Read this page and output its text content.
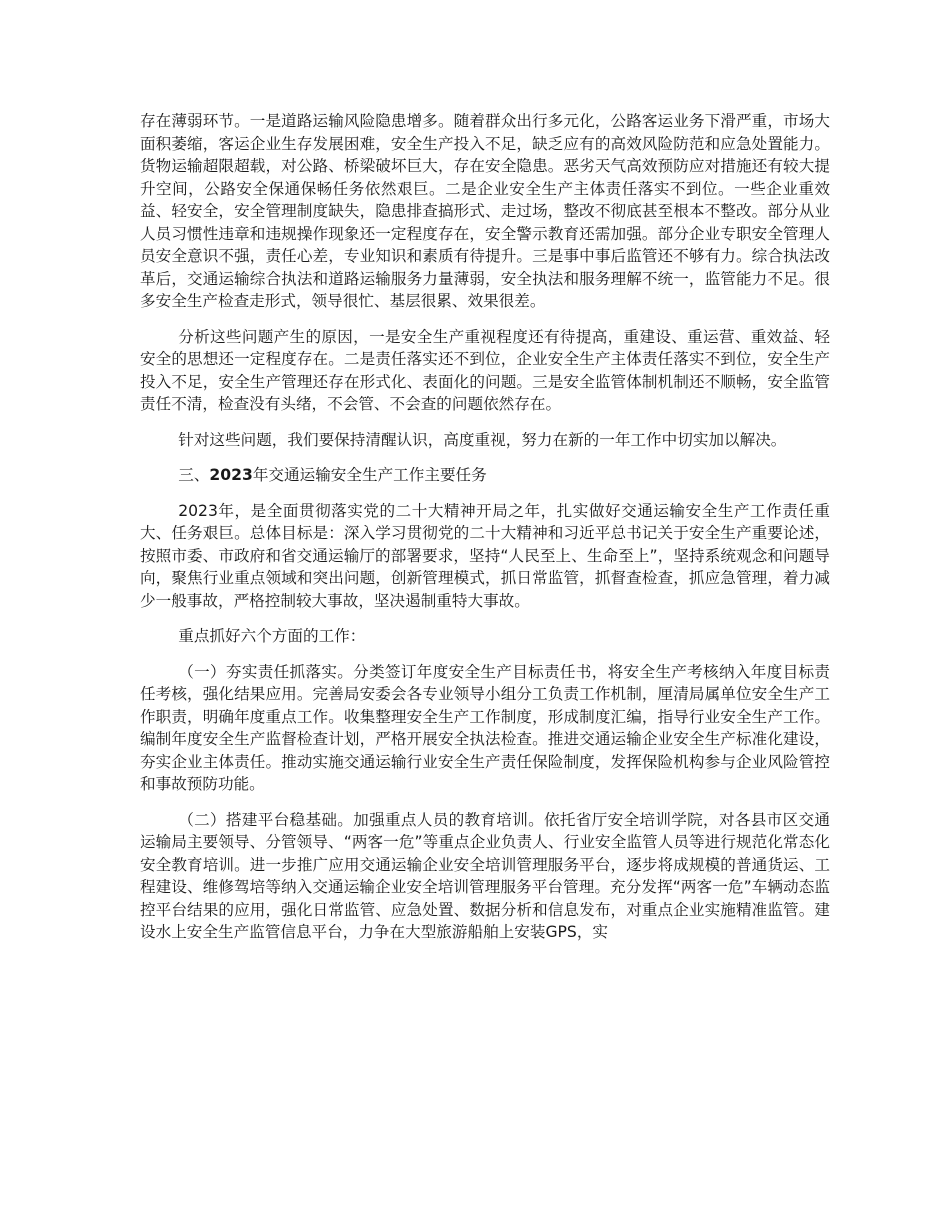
存在薄弱环节。一是道路运输风险隐患增多。随着群众出行多元化，公路客运业务下滑严重，市场大面积萎缩，客运企业生存发展困难，安全生产投入不足，缺乏应有的高效风险防范和应急处置能力。货物运输超限超载，对公路、桥梁破坏巨大，存在安全隐患。恶劣天气高效预防应对措施还有较大提升空间，公路安全保通保畅任务依然艰巨。二是企业安全生产主体责任落实不到位。一些企业重效益、轻安全，安全管理制度缺失，隐患排查搞形式、走过场，整改不彻底甚至根本不整改。部分从业人员习惯性违章和违规操作现象还一定程度存在，安全警示教育还需加强。部分企业专职安全管理人员安全意识不强，责任心差，专业知识和素质有待提升。三是事中事后监管还不够有力。综合执法改革后，交通运输综合执法和道路运输服务力量薄弱，安全执法和服务理解不统一，监管能力不足。很多安全生产检查走形式，领导很忙、基层很累、效果很差。

分析这些问题产生的原因，一是安全生产重视程度还有待提高，重建设、重运营、重效益、轻安全的思想还一定程度存在。二是责任落实还不到位，企业安全生产主体责任落实不到位，安全生产投入不足，安全生产管理还存在形式化、表面化的问题。三是安全监管体制机制还不顺畅，安全监管责任不清，检查没有头绪，不会管、不会查的问题依然存在。

针对这些问题，我们要保持清醒认识，高度重视，努力在新的一年工作中切实加以解决。

三、2023年交通运输安全生产工作主要任务

2023年，是全面贯彻落实党的二十大精神开局之年，扎实做好交通运输安全生产工作责任重大、任务艰巨。总体目标是：深入学习贯彻党的二十大精神和习近平总书记关于安全生产重要论述，按照市委、市政府和省交通运输厅的部署要求，坚持“人民至上、生命至上”，坚持系统观念和问题导向，聚焦行业重点领域和突出问题，创新管理模式，抓日常监管，抓督查检查，抓应急管理，着力减少一般事故，严格控制较大事故，坚决遏制重特大事故。

重点抓好六个方面的工作：

（一）夯实责任抓落实。分类签订年度安全生产目标责任书，将安全生产考核纳入年度目标责任考核，强化结果应用。完善局安委会各专业领导小组分工负责工作机制，厘清局属单位安全生产工作职责，明确年度重点工作。收集整理安全生产工作制度，形成制度汇编，指导行业安全生产工作。编制年度安全生产监督检查计划，严格开展安全执法检查。推进交通运输企业安全生产标准化建设，夯实企业主体责任。推动实施交通运输行业安全生产责任保险制度，发挥保险机构参与企业风险管控和事故预防功能。

（二）搭建平台稳基础。加强重点人员的教育培训。依托省厅安全培训学院，对各县市区交通运输局主要领导、分管领导、“两客一危”等重点企业负责人、行业安全监管人员等进行规范化常态化安全教育培训。进一步推广应用交通运输企业安全培训管理服务平台，逐步将成规模的普通货运、工程建设、维修驾培等纳入交通运输企业安全培训管理服务平台管理。充分发挥“两客一危”车辆动态监控平台结果的应用，强化日常监管、应急处置、数据分析和信息发布，对重点企业实施精准监管。建设水上安全生产监管信息平台，力争在大型旅游船舶上安装GPS，实
